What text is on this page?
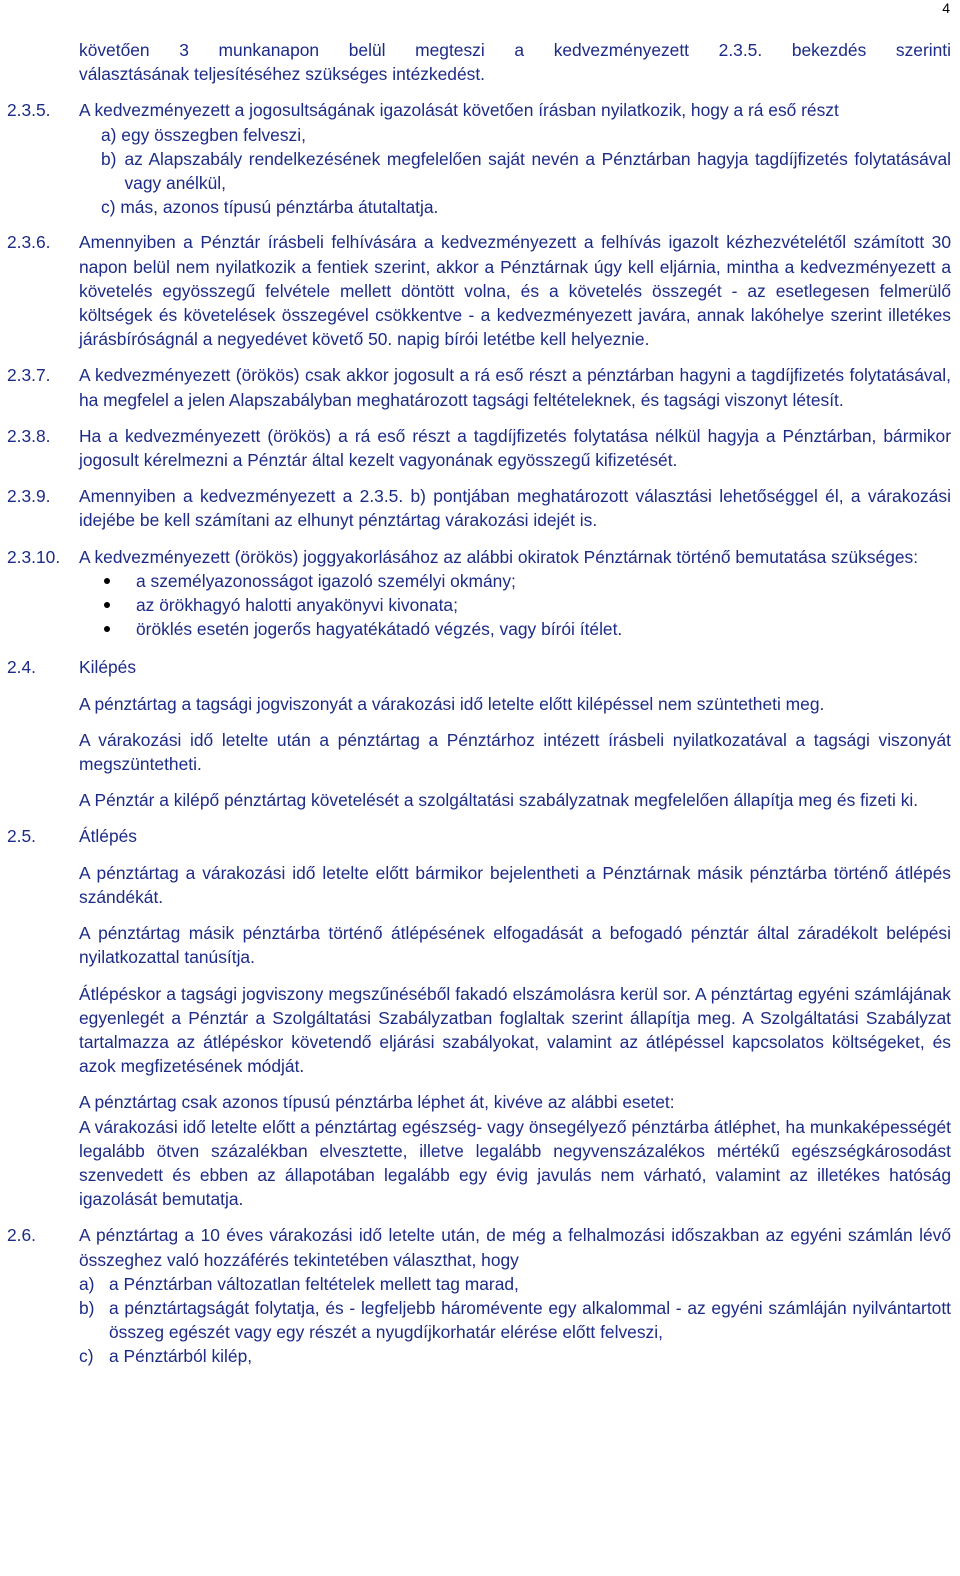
4
követően 3 munkanapon belül megteszi a kedvezményezett 2.3.5. bekezdés szerinti
választásának teljesítéséhez szükséges intézkedést.
2.3.5.	A kedvezményezett a jogosultságának igazolását követően írásban nyilatkozik, hogy a rá eső részt
a) egy összegben felveszi,
b) az Alapszabály rendelkezésének megfelelően saját nevén a Pénztárban hagyja tagdíjfizetés folytatásával vagy anélkül,
c) más, azonos típusú pénztárba átutaltatja.
2.3.6.	Amennyiben a Pénztár írásbeli felhívására a kedvezményezett a felhívás igazolt kézhezvételétől számított 30 napon belül nem nyilatkozik a fentiek szerint, akkor a Pénztárnak úgy kell eljárnia, mintha a kedvezményezett a követelés egyösszegű felvétele mellett döntött volna, és a követelés összegét - az esetlegesen felmerülő költségek és követelések összegével csökkentve - a kedvezményezett javára, annak lakóhelye szerint illetékes járásbíróságnál a negyedévet követő 50. napig bírói letétbe kell helyeznie.
2.3.7.	A kedvezményezett (örökös) csak akkor jogosult a rá eső részt a pénztárban hagyni a tagdíjfizetés folytatásával, ha megfelel a jelen Alapszabályban meghatározott tagsági feltételeknek, és tagsági viszonyt létesít.
2.3.8.	Ha a kedvezményezett (örökös) a rá eső részt a tagdíjfizetés folytatása nélkül hagyja a Pénztárban, bármikor jogosult kérelmezni a Pénztár által kezelt vagyonának egyösszegű kifizetését.
2.3.9.	Amennyiben a kedvezményezett a 2.3.5. b) pontjában meghatározott választási lehetőséggel él, a várakozási idejébe be kell számítani az elhunyt pénztártag várakozási idejét is.
2.3.10.	A kedvezményezett (örökös) joggyakorlásához az alábbi okiratok Pénztárnak történő bemutatása szükséges:
a személyazonosságot igazoló személyi okmány;
az örökhagyó halotti anyakönyvi kivonata;
öröklés esetén jogerős hagyatékátadó végzés, vagy bírói ítélet.
2.4.	Kilépés
A pénztártag a tagsági jogviszonyát a várakozási idő letelte előtt kilépéssel nem szüntetheti meg.
A várakozási idő letelte után a pénztártag a Pénztárhoz intézett írásbeli nyilatkozatával a tagsági viszonyát megszüntetheti.
A Pénztár a kilépő pénztártag követelését a szolgáltatási szabályzatnak megfelelően állapítja meg és fizeti ki.
2.5.	Átlépés
A pénztártag a várakozási idő letelte előtt bármikor bejelentheti a Pénztárnak másik pénztárba történő átlépés szándékát.
A pénztártag másik pénztárba történő átlépésének elfogadását a befogadó pénztár által záradékolt belépési nyilatkozattal tanúsítja.
Átlépéskor a tagsági jogviszony megszűnéséből fakadó elszámolásra kerül sor. A pénztártag egyéni számlájának egyenlegét a Pénztár a Szolgáltatási Szabályzatban foglaltak szerint állapítja meg. A Szolgáltatási Szabályzat tartalmazza az átlépéskor követendő eljárási szabályokat, valamint az átlépéssel kapcsolatos költségeket, és azok megfizetésének módját.
A pénztártag csak azonos típusú pénztárba léphet át, kivéve az alábbi esetet:
A várakozási idő letelte előtt a pénztártag egészség- vagy önsegélyező pénztárba átléphet, ha munkaképességét legalább ötven százalékban elvesztette, illetve legalább negyvenszázalékos mértékű egészségkárosodást szenvedett és ebben az állapotában legalább egy évig javulás nem várható, valamint az illetékes hatóság igazolását bemutatja.
2.6.	A pénztártag a 10 éves várakozási idő letelte után, de még a felhalmozási időszakban az egyéni számlán lévő összeghez való hozzáférés tekintetében választhat, hogy
a) a Pénztárban változatlan feltételek mellett tag marad,
b) a pénztártagságát folytatja, és - legfeljebb háromévente egy alkalommal - az egyéni számláján nyilvántartott összeg egészét vagy egy részét a nyugdíjkorhatár elérése előtt felveszi,
c) a Pénztárból kilép,
